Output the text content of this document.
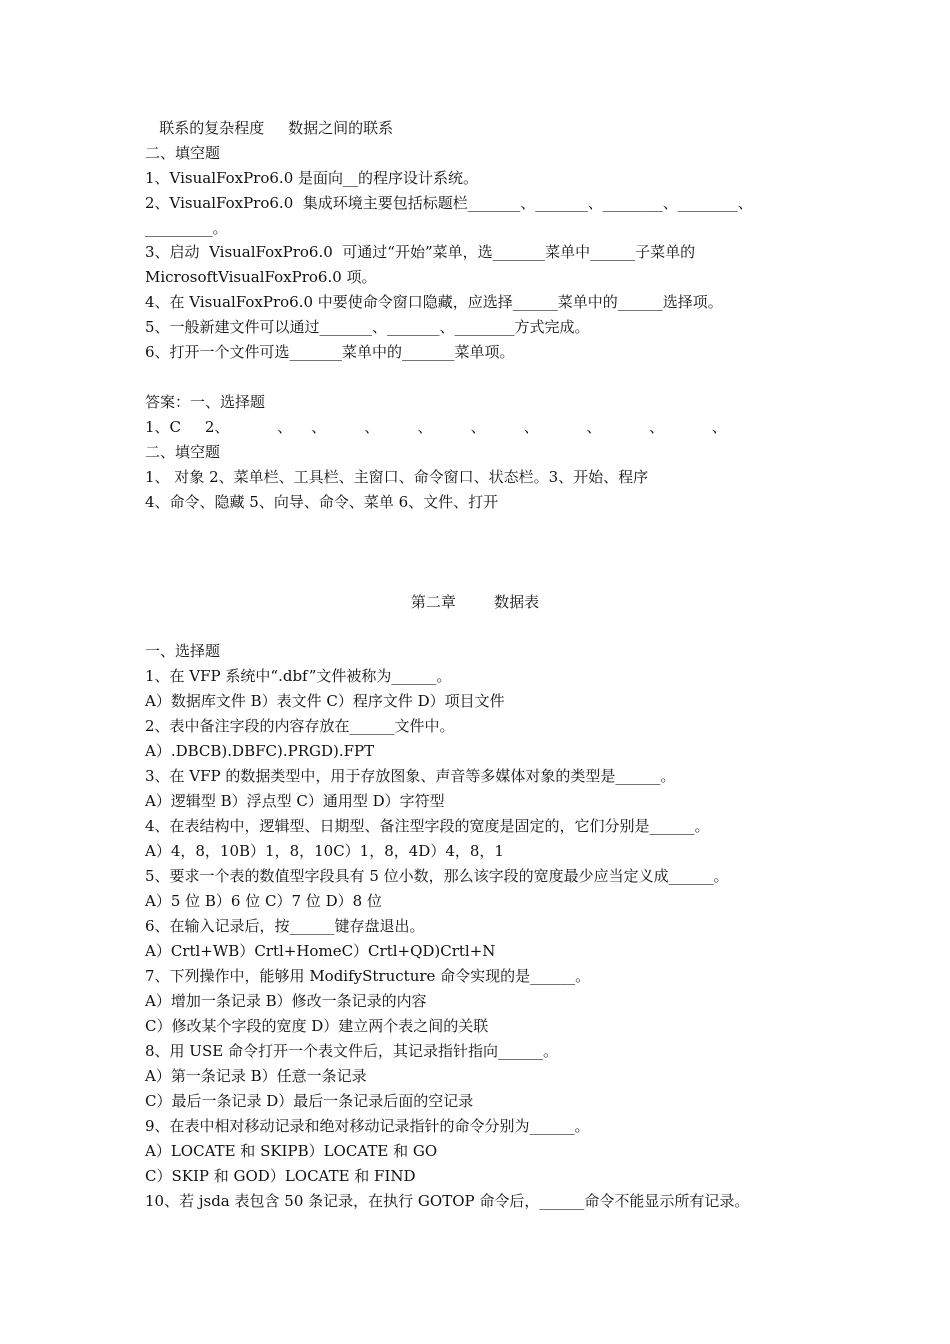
联系的复杂程度     数据之间的联系
二、填空题
1、VisualFoxPro6.0 是面向__的程序设计系统。
2、VisualFoxPro6.0  集成环境主要包括标题栏_______、_______、________、________、
_________。
3、启动  VisualFoxPro6.0  可通过“开始”菜单，选_______菜单中______子菜单的
MicrosoftVisualFoxPro6.0 项。
4、在 VisualFoxPro6.0 中要使命令窗口隐藏，应选择______菜单中的______选择项。
5、一般新建文件可以通过_______、_______、________方式完成。
6、打开一个文件可选_______菜单中的_______菜单项。
答案：一、选择题
1、C     2、          、    、        、        、        、        、          、          、          、
二、填空题
1、 对象 2、菜单栏、工具栏、主窗口、命令窗口、状态栏。3、开始、程序
4、命令、隐藏 5、向导、命令、菜单 6、文件、打开
第二章        数据表
一、选择题
1、在 VFP 系统中“.dbf”文件被称为______。
A）数据库文件 B）表文件 C）程序文件 D）项目文件
2、表中备注字段的内容存放在______文件中。
A）.DBCB).DBFC).PRGD).FPT
3、在 VFP 的数据类型中，用于存放图象、声音等多媒体对象的类型是______。
A）逻辑型 B）浮点型 C）通用型 D）字符型
4、在表结构中，逻辑型、日期型、备注型字段的宽度是固定的，它们分别是______。
A）4，8，10B）1，8，10C）1，8，4D）4，8，1
5、要求一个表的数值型字段具有 5 位小数，那么该字段的宽度最少应当定义成______。
A）5 位 B）6 位 C）7 位 D）8 位
6、在输入记录后，按______键存盘退出。
A）Crtl+WB）Crtl+HomeC）Crtl+QD)Crtl+N
7、下列操作中，能够用 ModifyStructure 命令实现的是______。
A）增加一条记录 B）修改一条记录的内容
C）修改某个字段的宽度 D）建立两个表之间的关联
8、用 USE 命令打开一个表文件后，其记录指针指向______。
A）第一条记录 B）任意一条记录
C）最后一条记录 D）最后一条记录后面的空记录
9、在表中相对移动记录和绝对移动记录指针的命令分别为______。
A）LOCATE 和 SKIPB）LOCATE 和 GO
C）SKIP 和 GOD）LOCATE 和 FIND
10、若 jsda 表包含 50 条记录，在执行 GOTOP 命令后，______命令不能显示所有记录。
